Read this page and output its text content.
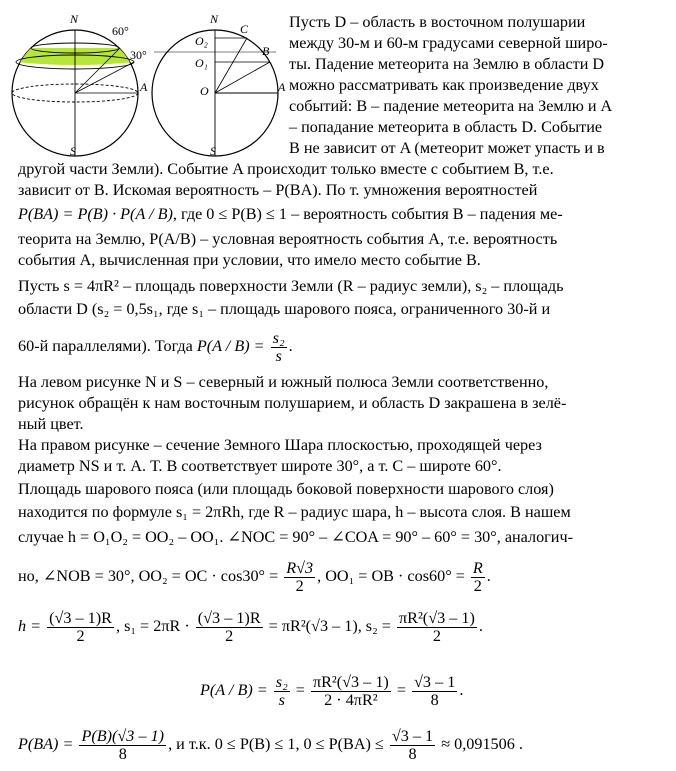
N
60°
30°
A
S
N
C
B
O₂
O₁
O	A
S
Пусть D – область в восточном полушарии
между 30-м и 60-м градусами северной широ-
ты. Падение метеорита на Землю в области D
можно рассматривать как произведение двух
событий: B – падение метеорита на Землю и A
– попадание метеорита в область D. Событие
B не зависит от A (метеорит может упасть и в
другой части Земли). Событие A происходит только вместе с событием B, т.е.
зависит от B. Искомая вероятность – P(BA). По т. умножения вероятностей
P(BA) = P(B) · P(A / B), где 0 ≤ P(B) ≤ 1 – вероятность события B – падения ме-
теорита на Землю, P(A/B) – условная вероятность события A, т.е. вероятность
события A, вычисленная при условии, что имело место событие B.
Пусть s = 4πR² – площадь поверхности Земли (R – радиус земли), s₂ – площадь
области D (s₂ = 0,5s₁, где s₁ – площадь шарового пояса, ограниченного 30-й и
60-й параллелями). Тогда $P(A / B) = \frac{\text{s₂}}{s}$ .
На левом рисунке N и S – северный и южный полюса Земли соответственно,
рисунок обращён к нам восточным полушарием, и область D закрашена в зелё-
ный цвет.
На правом рисунке – сечение Земного Шара плоскостью, проходящей через
диаметр NS и т. A. Т. B соответствует широте 30°, а т. C – широте 60°.
Площадь шарового пояса (или площадь боковой поверхности шарового слоя)
находится по формуле s₁ = 2πRh, где R – радиус шара, h – высота слоя. В нашем
случае h = O₁O₂ = OO₂ – OO₁. ∠NOC = 90° – ∠COA = 90° – 60° = 30°, аналогич-
но, ∠NOB = 30°, OO₂ = OC · $\cos 30^\circ = \frac{R√3}{2}$ , OO₁ = OB · $\cos 60^\circ = \frac{R}{2}$ .
$h = \frac{(√3 - 1)R}{2}$ , $s_1 = 2\pi R \cdot \frac{(√3 - 1)R}{2} = \pi R^2(√3 - 1)$, $s_2 = \frac{\text{πR²(√3 – 1)}}{2}$ .
$P(A / B) = \frac{\text{s₂}}{s} = \frac{\text{πR²(√3 – 1)}}{\text{2 · 4πR²}} = \frac{√3 - 1}{8}$ .
$P(BA) = \frac{P(B)(√3 - 1)}{8}$ , и т.к. 0 ≤ P(B) ≤ 1, $0 \le P(BA) \le \frac{√3 - 1}{8} \approx 0,091506$ .
